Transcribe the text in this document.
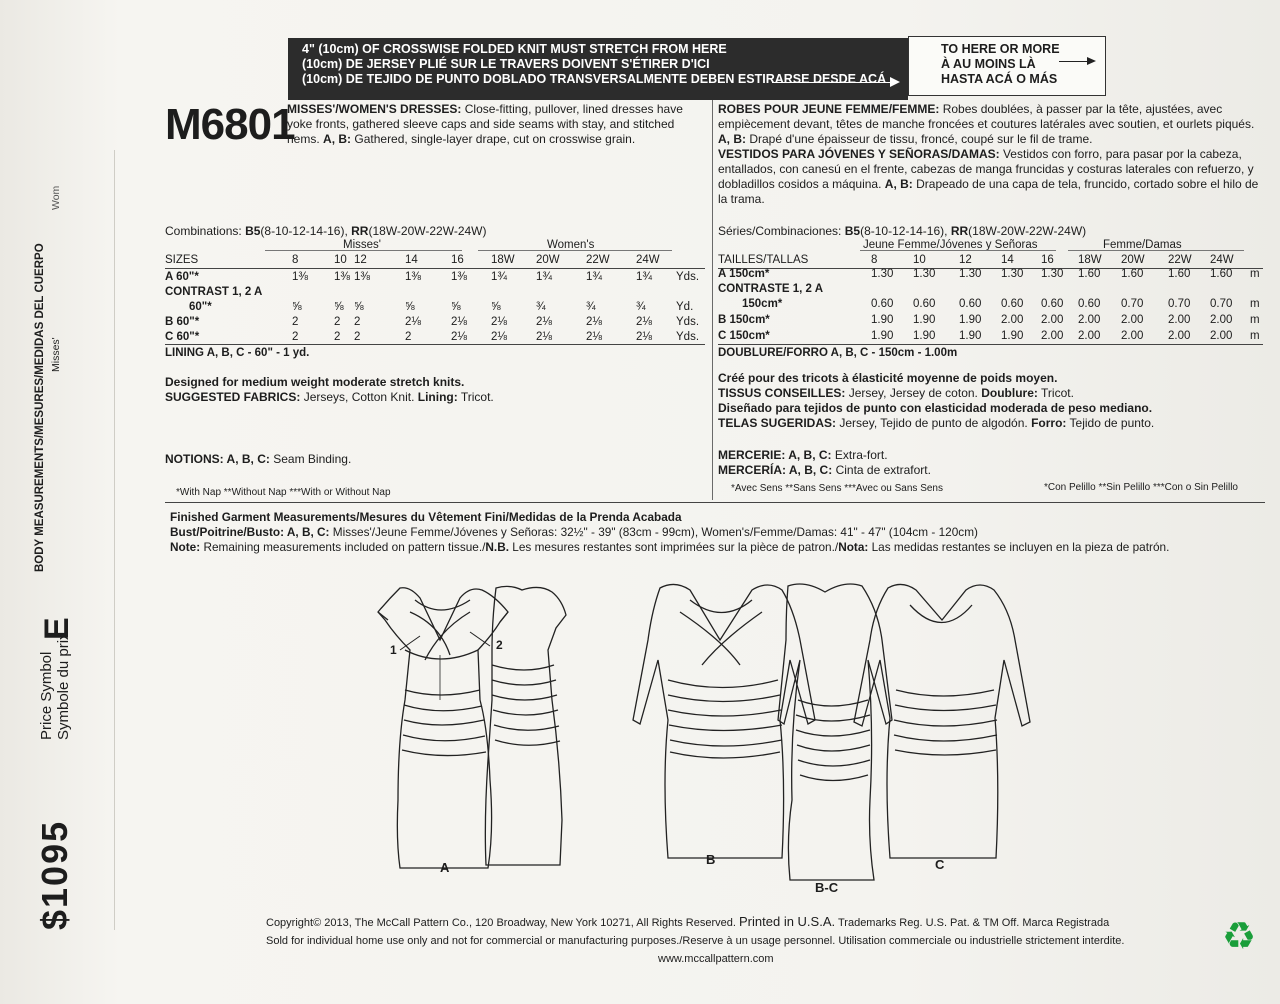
$1095
Price Symbol Symbole du prix
E
BODY MEASUREMENTS/MESURES/MEDIDAS DEL CUERPO Misses'
Wom
4" (10cm) OF CROSSWISE FOLDED KNIT MUST STRETCH FROM HERE
(10cm) DE JERSEY PLIÉ SUR LE TRAVERS DOIVENT S'ÉTIRER D'ICI
(10cm) DE TEJIDO DE PUNTO DOBLADO TRANSVERSALMENTE DEBEN ESTIRARSE DESDE ACÁ
TO HERE OR MORE
À AU MOINS LÀ
HASTA ACÁ O MÁS
M6801
MISSES'/WOMEN'S DRESSES: Close-fitting, pullover, lined dresses have yoke fronts, gathered sleeve caps and side seams with stay, and stitched hems. A, B: Gathered, single-layer drape, cut on crosswise grain.
ROBES POUR JEUNE FEMME/FEMME: Robes doublées, à passer par la tête, ajustées, avec empiècement devant, têtes de manche froncées et coutures latérales avec soutien, et ourlets piqués. A, B: Drapé d'une épaisseur de tissu, froncé, coupé sur le fil de trame.
VESTIDOS PARA JÓVENES Y SEÑORAS/DAMAS: Vestidos con forro, para pasar por la cabeza, entallados, con canesú en el frente, cabezas de manga fruncidas y costuras laterales con refuerzo, y dobladillos cosidos a máquina. A, B: Drapeado de una capa de tela, fruncido, cortado sobre el hilo de la trama.
Combinations: B5(8-10-12-14-16), RR(18W-20W-22W-24W)
Misses'	Women's
SIZES	8	10 12	14	16 18W 20W 22W 24W
A 60"*	1⅜ 1⅜ 1⅜	1⅜	1⅜ 1¾	1¾	1¾	1¾ Yds.
CONTRAST 1, 2 A
60"*	⅝	⅝ ⅝	⅝	⅝	⅝	¾	¾	¾	Yd.
B 60"*	2	2 2	2⅛	2⅛ 2⅛	2⅛	2⅛	2⅛ Yds.
C 60"*	2	2 2	2	2⅛ 2⅛	2⅛	2⅛	2⅛ Yds.
LINING A, B, C - 60" - 1 yd.
Séries/Combinaciones: B5(8-10-12-14-16), RR(18W-20W-22W-24W)
Jeune Femme/Jóvenes y Señoras	Femme/Damas
TAILLES/TALLAS	8	10	12	14 16 18W 20W 22W 24W
A 150cm*	1.30 1.30 1.30 1.30 1.30 1.60 1.60 1.60 1.60 m
CONTRASTE 1, 2 A
150cm*	0.60 0.60 0.60 0.60 0.60 0.60 0.70 0.70 0.70 m
B 150cm*	1.90 1.90 1.90 2.00 2.00 2.00 2.00 2.00 2.00 m
C 150cm*	1.90 1.90 1.90 1.90 2.00 2.00 2.00 2.00 2.00 m
DOUBLURE/FORRO A, B, C - 150cm - 1.00m
Designed for medium weight moderate stretch knits.
SUGGESTED FABRICS: Jerseys, Cotton Knit. Lining: Tricot.
NOTIONS: A, B, C: Seam Binding.
*With Nap **Without Nap ***With or Without Nap
Créé pour des tricots à élasticité moyenne de poids moyen.
TISSUS CONSEILLES: Jersey, Jersey de coton. Doublure: Tricot.
Diseñado para tejidos de punto con elasticidad moderada de peso mediano.
TELAS SUGERIDAS: Jersey, Tejido de punto de algodón. Forro: Tejido de punto.
MERCERIE: A, B, C: Extra-fort.
MERCERÍA: A, B, C: Cinta de extrafort.
*Avec Sens **Sans Sens ***Avec ou Sans Sens	*Con Pelillo **Sin Pelillo ***Con o Sin Pelillo
Finished Garment Measurements/Mesures du Vêtement Fini/Medidas de la Prenda Acabada
Bust/Poitrine/Busto: A, B, C: Misses'/Jeune Femme/Jóvenes y Señoras: 32½" - 39" (83cm - 99cm), Women's/Femme/Damas: 41" - 47" (104cm - 120cm)
Note: Remaining measurements included on pattern tissue./N.B. Les mesures restantes sont imprimées sur la pièce de patron./Nota: Las medidas restantes se incluyen en la pieza de patrón.
1	2
A
B
B-C
C
Copyright© 2013, The McCall Pattern Co., 120 Broadway, New York 10271, All Rights Reserved. Printed in U.S.A. Trademarks Reg. U.S. Pat. & TM Off. Marca Registrada
Sold for individual home use only and not for commercial or manufacturing purposes./Reserve à un usage personnel. Utilisation commerciale ou industrielle strictement interdite.
www.mccallpattern.com
♻
